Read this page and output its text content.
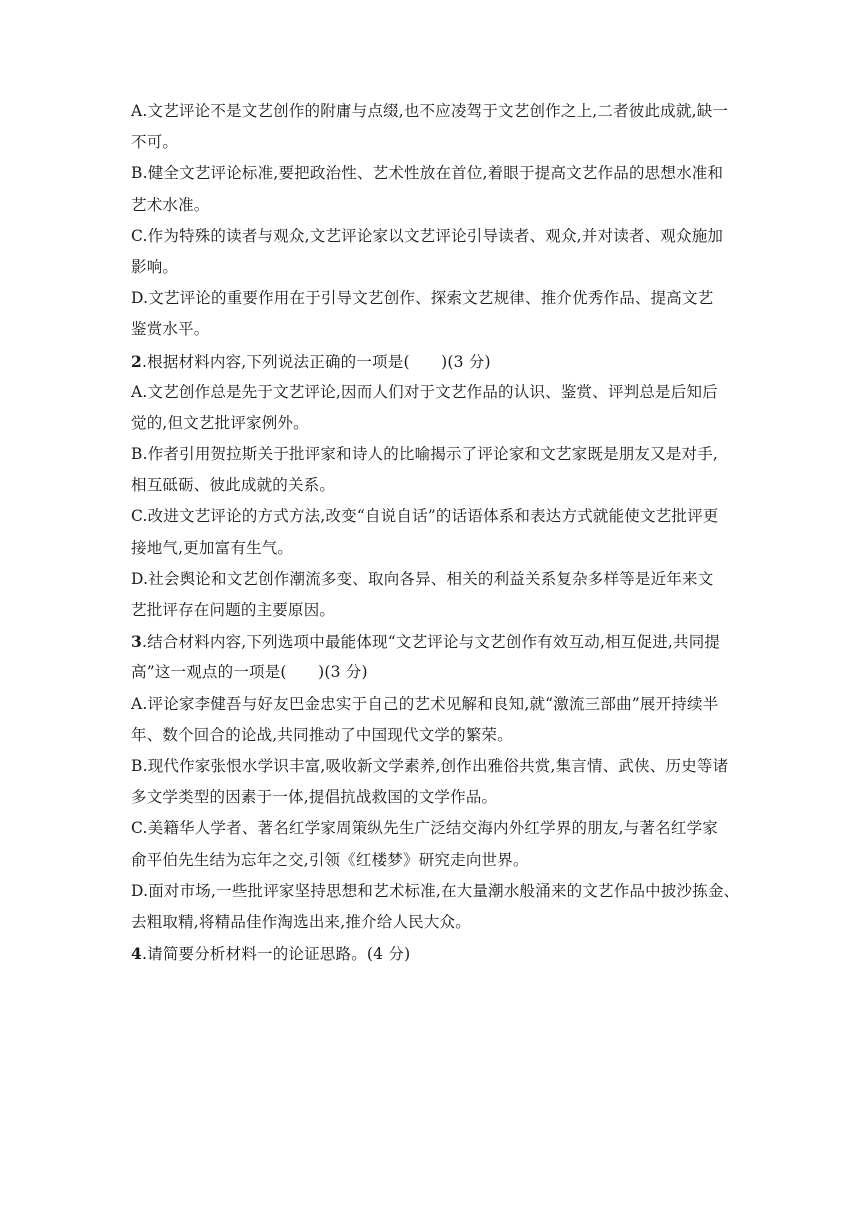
A.文艺评论不是文艺创作的附庸与点缀,也不应凌驾于文艺创作之上,二者彼此成就,缺一
不可。
B.健全文艺评论标准,要把政治性、艺术性放在首位,着眼于提高文艺作品的思想水准和
艺术水准。
C.作为特殊的读者与观众,文艺评论家以文艺评论引导读者、观众,并对读者、观众施加
影响。
D.文艺评论的重要作用在于引导文艺创作、探索文艺规律、推介优秀作品、提高文艺
鉴赏水平。
2.根据材料内容,下列说法正确的一项是(　　)(3 分)
A.文艺创作总是先于文艺评论,因而人们对于文艺作品的认识、鉴赏、评判总是后知后
觉的,但文艺批评家例外。
B.作者引用贺拉斯关于批评家和诗人的比喻揭示了评论家和文艺家既是朋友又是对手,
相互砥砺、彼此成就的关系。
C.改进文艺评论的方式方法,改变“自说自话”的话语体系和表达方式就能使文艺批评更
接地气,更加富有生气。
D.社会舆论和文艺创作潮流多变、取向各异、相关的利益关系复杂多样等是近年来文
艺批评存在问题的主要原因。
3.结合材料内容,下列选项中最能体现“文艺评论与文艺创作有效互动,相互促进,共同提
高”这一观点的一项是(　　)(3 分)
A.评论家李健吾与好友巴金忠实于自己的艺术见解和良知,就“激流三部曲”展开持续半
年、数个回合的论战,共同推动了中国现代文学的繁荣。
B.现代作家张恨水学识丰富,吸收新文学素养,创作出雅俗共赏,集言情、武侠、历史等诸
多文学类型的因素于一体,提倡抗战救国的文学作品。
C.美籍华人学者、著名红学家周策纵先生广泛结交海内外红学界的朋友,与著名红学家
俞平伯先生结为忘年之交,引领《红楼梦》研究走向世界。
D.面对市场,一些批评家坚持思想和艺术标准,在大量潮水般涌来的文艺作品中披沙拣金、
去粗取精,将精品佳作淘选出来,推介给人民大众。
4.请简要分析材料一的论证思路。(4 分)
